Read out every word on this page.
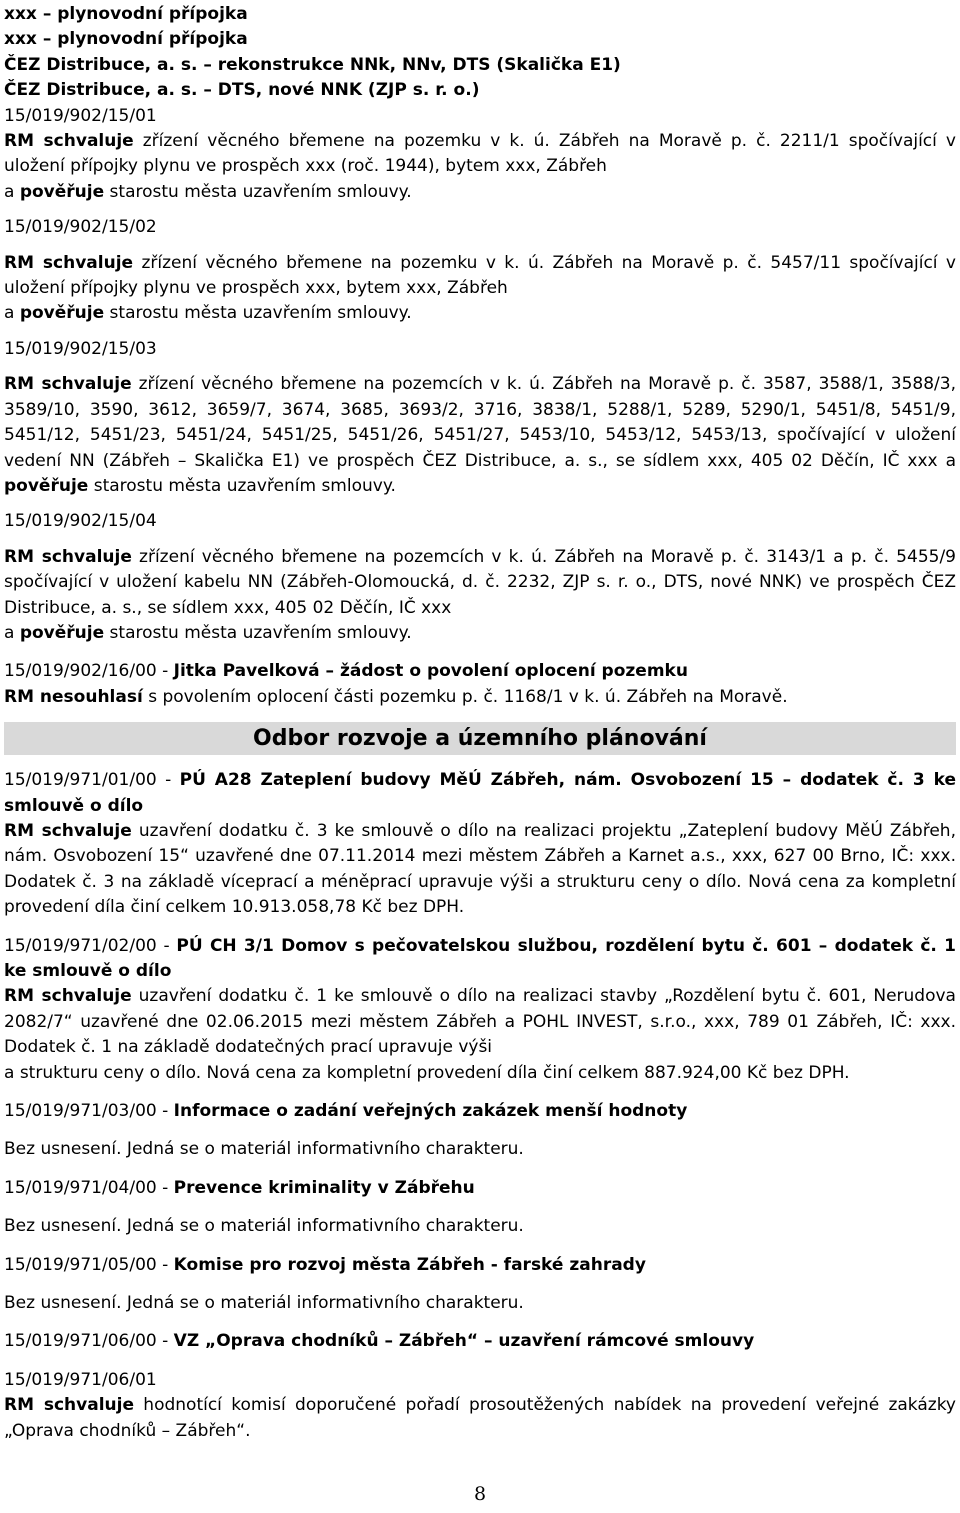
xxx – plynovodní přípojka

xxx – plynovodní přípojka

ČEZ Distribuce, a. s. – rekonstrukce NNk, NNv, DTS (Skalička E1)

ČEZ Distribuce, a. s. – DTS, nové NNK (ZJP s. r. o.)

15/019/902/15/01

RM schvaluje zřízení věcného břemene na pozemku v k. ú. Zábřeh na Moravě p. č. 2211/1 spočívající v uložení přípojky plynu ve prospěch xxx (roč. 1944), bytem xxx, Zábřeh

a pověřuje starostu města uzavřením smlouvy.

15/019/902/15/02

RM schvaluje zřízení věcného břemene na pozemku v k. ú. Zábřeh na Moravě p. č. 5457/11 spočívající v uložení přípojky plynu ve prospěch xxx, bytem xxx, Zábřeh

a pověřuje starostu města uzavřením smlouvy.

15/019/902/15/03

RM schvaluje zřízení věcného břemene na pozemcích v k. ú. Zábřeh na Moravě p. č. 3587, 3588/1, 3588/3, 3589/10, 3590, 3612, 3659/7, 3674, 3685, 3693/2, 3716, 3838/1, 5288/1, 5289, 5290/1, 5451/8, 5451/9, 5451/12, 5451/23, 5451/24, 5451/25, 5451/26, 5451/27, 5453/10, 5453/12, 5453/13, spočívající v uložení vedení NN (Zábřeh – Skalička E1) ve prospěch ČEZ Distribuce, a. s., se sídlem xxx, 405 02 Děčín, IČ xxx a pověřuje starostu města uzavřením smlouvy.

15/019/902/15/04

RM schvaluje zřízení věcného břemene na pozemcích v k. ú. Zábřeh na Moravě p. č. 3143/1 a p. č. 5455/9 spočívající v uložení kabelu NN (Zábřeh-Olomoucká, d. č. 2232, ZJP s. r. o., DTS, nové NNK) ve prospěch ČEZ Distribuce, a. s., se sídlem xxx, 405 02 Děčín, IČ xxx

a pověřuje starostu města uzavřením smlouvy.

15/019/902/16/00 - Jitka Pavelková – žádost o povolení oplocení pozemku

RM nesouhlasí s povolením oplocení části pozemku p. č. 1168/1 v k. ú. Zábřeh na Moravě.

Odbor rozvoje a územního plánování

15/019/971/01/00 - PÚ A28 Zateplení budovy MěÚ Zábřeh, nám. Osvobození 15 – dodatek č. 3 ke smlouvě o dílo

RM schvaluje uzavření dodatku č. 3 ke smlouvě o dílo na realizaci projektu „Zateplení budovy MěÚ Zábřeh, nám. Osvobození 15“ uzavřené dne 07.11.2014 mezi městem Zábřeh a Karnet a.s., xxx, 627 00 Brno, IČ: xxx. Dodatek č. 3 na základě víceprací a méněprací upravuje výši a strukturu ceny o dílo. Nová cena za kompletní provedení díla činí celkem 10.913.058,78 Kč bez DPH.

15/019/971/02/00 - PÚ CH 3/1 Domov s pečovatelskou službou, rozdělení bytu č. 601 – dodatek č. 1 ke smlouvě o dílo

RM schvaluje uzavření dodatku č. 1 ke smlouvě o dílo na realizaci stavby „Rozdělení bytu č. 601, Nerudova 2082/7“ uzavřené dne 02.06.2015 mezi městem Zábřeh a POHL INVEST, s.r.o., xxx, 789 01 Zábřeh, IČ: xxx. Dodatek č. 1 na základě dodatečných prací upravuje výši

a strukturu ceny o dílo. Nová cena za kompletní provedení díla činí celkem 887.924,00 Kč bez DPH.

15/019/971/03/00 - Informace o zadání veřejných zakázek menší hodnoty

Bez usnesení. Jedná se o materiál informativního charakteru.

15/019/971/04/00 - Prevence kriminality v Zábřehu

Bez usnesení. Jedná se o materiál informativního charakteru.

15/019/971/05/00 - Komise pro rozvoj města Zábřeh - farské zahrady

Bez usnesení. Jedná se o materiál informativního charakteru.

15/019/971/06/00 - VZ „Oprava chodníků – Zábřeh“ – uzavření rámcové smlouvy

15/019/971/06/01

RM schvaluje hodnotící komisí doporučené pořadí prosoutěžených nabídek na provedení veřejné zakázky „Oprava chodníků – Zábřeh“.

8
